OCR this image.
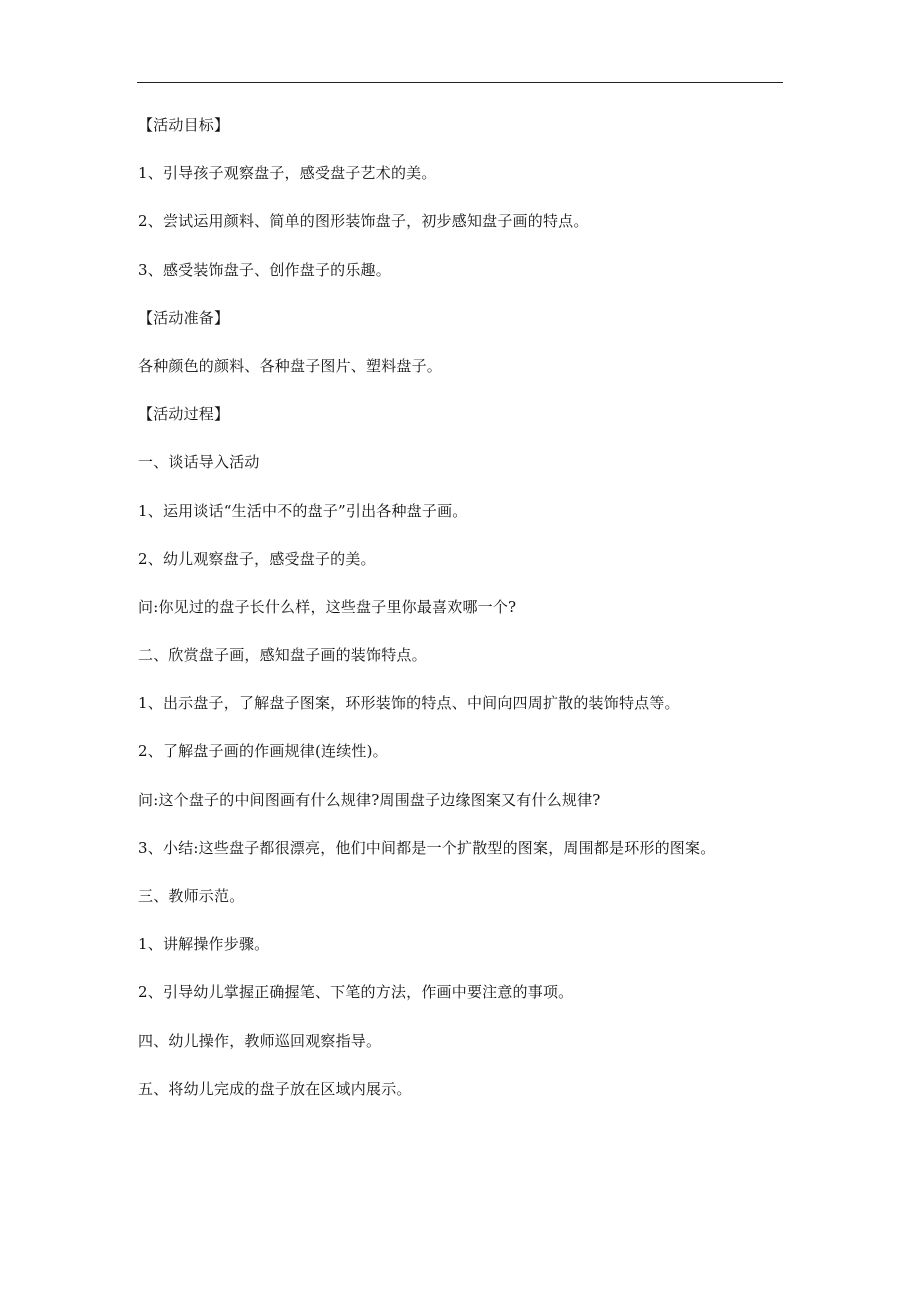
【活动目标】
1、引导孩子观察盘子，感受盘子艺术的美。
2、尝试运用颜料、简单的图形装饰盘子，初步感知盘子画的特点。
3、感受装饰盘子、创作盘子的乐趣。
【活动准备】
各种颜色的颜料、各种盘子图片、塑料盘子。
【活动过程】
一、谈话导入活动
1、运用谈话“生活中不的盘子”引出各种盘子画。
2、幼儿观察盘子，感受盘子的美。
问:你见过的盘子长什么样，这些盘子里你最喜欢哪一个?
二、欣赏盘子画，感知盘子画的装饰特点。
1、出示盘子，了解盘子图案，环形装饰的特点、中间向四周扩散的装饰特点等。
2、了解盘子画的作画规律(连续性)。
问:这个盘子的中间图画有什么规律?周围盘子边缘图案又有什么规律?
3、小结:这些盘子都很漂亮，他们中间都是一个扩散型的图案，周围都是环形的图案。
三、教师示范。
1、讲解操作步骤。
2、引导幼儿掌握正确握笔、下笔的方法，作画中要注意的事项。
四、幼儿操作，教师巡回观察指导。
五、将幼儿完成的盘子放在区域内展示。
